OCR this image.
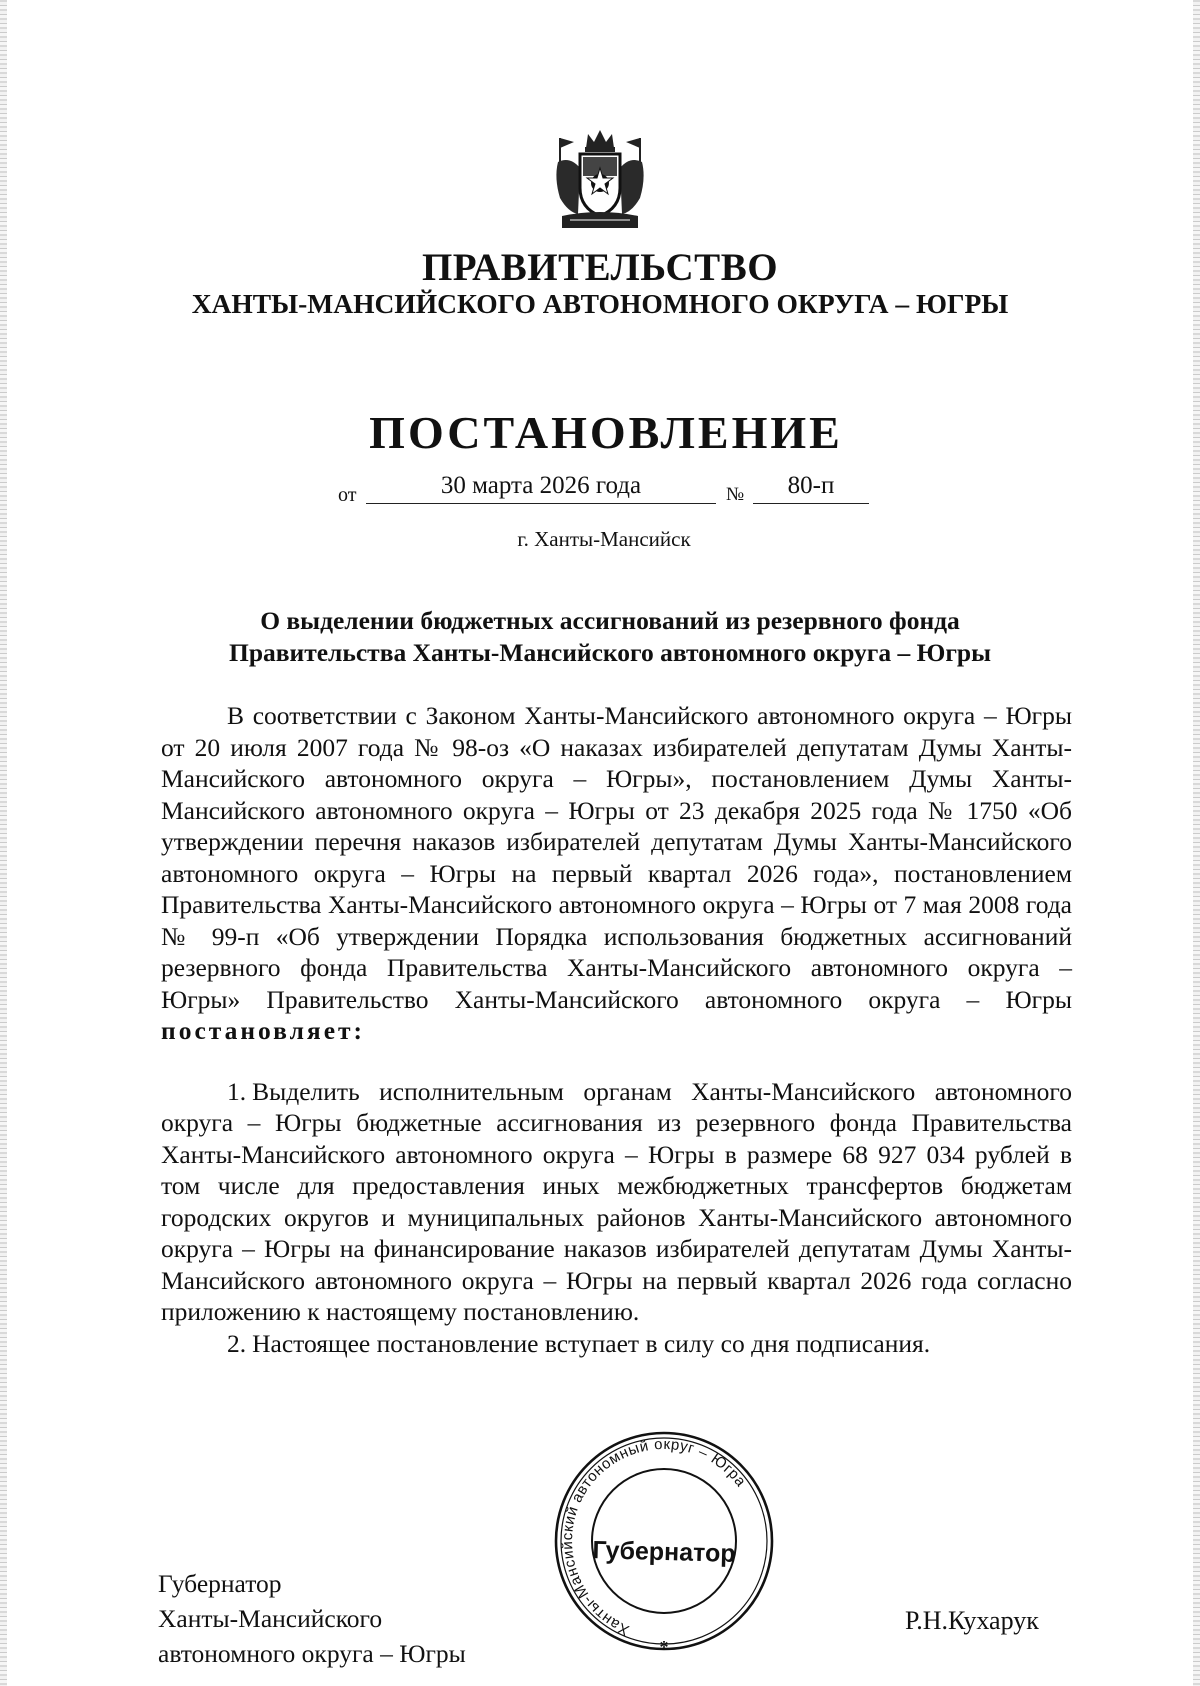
ПРАВИТЕЛЬСТВО
ХАНТЫ-МАНСИЙСКОГО АВТОНОМНОГО ОКРУГА – ЮГРЫ
ПОСТАНОВЛЕНИЕ
от	30 марта 2026 года	№	80-п
г. Ханты-Мансийск
О выделении бюджетных ассигнований из резервного фонда
Правительства Ханты-Мансийского автономного округа – Югры

В соответствии с Законом Ханты-Мансийского автономного округа – Югры от 20 июля 2007 года № 98-оз «О наказах избирателей депутатам Думы Ханты-Мансийского автономного округа – Югры», постановлением Думы Ханты-Мансийского автономного округа – Югры от 23 декабря 2025 года № 1750 «Об утверждении перечня наказов избирателей депутатам Думы Ханты-Мансийского автономного округа – Югры на первый квартал 2026 года», постановлением Правительства Ханты-Мансийского автономного округа – Югры от 7 мая 2008 года № 99-п «Об утверждении Порядка использования бюджетных ассигнований резервного фонда Правительства Ханты-Мансийского автономного округа – Югры» Правительство Ханты-Мансийского автономного округа – Югры постановляет:

1. Выделить исполнительным органам Ханты-Мансийского автономного округа – Югры бюджетные ассигнования из резервного фонда Правительства Ханты-Мансийского автономного округа – Югры в размере 68 927 034 рублей в том числе для предоставления иных межбюджетных трансфертов бюджетам городских округов и муниципальных районов Ханты-Мансийского автономного округа – Югры на финансирование наказов избирателей депутатам Думы Ханты-Мансийского автономного округа – Югры на первый квартал 2026 года согласно приложению к настоящему постановлению.

2. Настоящее постановление вступает в силу со дня подписания.

Губернатор
Ханты-Мансийского
автономного округа – Югры
Ханты-Мансийский автономный округ – Югра
*
Губернатор
Р.Н.Кухарук
